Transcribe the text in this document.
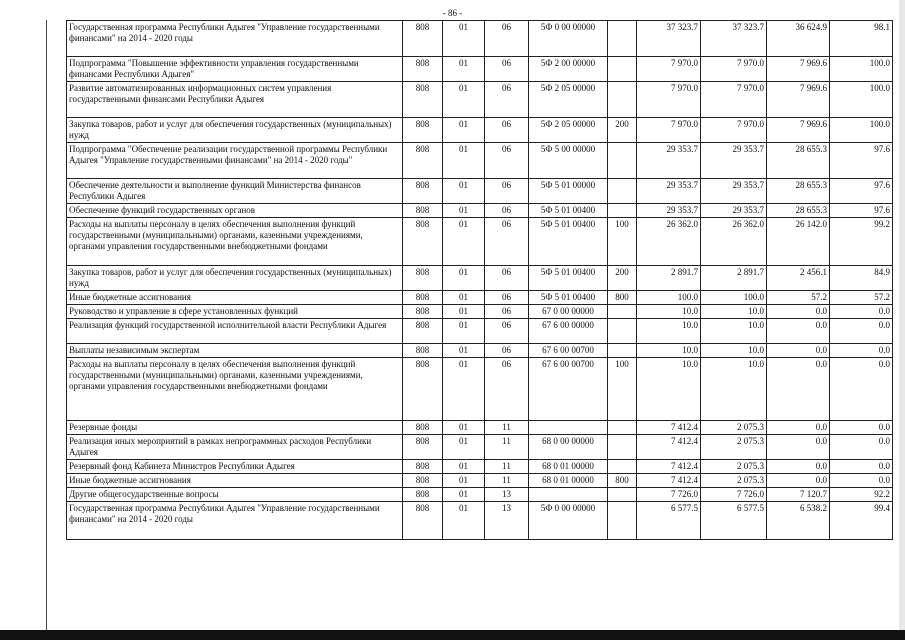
- 86 -
Государственная программа Республики Адыгея "Управление государственными финансами" на 2014 - 2020 годы	808	01	06	5Ф 0 00 00000		37 323.7	37 323.7	36 624.9	98.1
Подпрограмма "Повышение эффективности управления государственными финансами Республики Адыгея"	808	01	06	5Ф 2 00 00000		7 970.0	7 970.0	7 969.6	100.0
Развитие автоматизированных информационных систем управления государственными финансами Республики Адыгея	808	01	06	5Ф 2 05 00000		7 970.0	7 970.0	7 969.6	100.0
Закупка товаров, работ и услуг для обеспечения государственных (муниципальных) нужд	808	01	06	5Ф 2 05 00000	200	7 970.0	7 970.0	7 969.6	100.0
Подпрограмма "Обеспечение реализации государственной программы Республики Адыгея "Управление государственными финансами" на 2014 - 2020 годы"	808	01	06	5Ф 5 00 00000		29 353.7	29 353.7	28 655.3	97.6
Обеспечение деятельности и выполнение функций Министерства финансов Республики Адыгея	808	01	06	5Ф 5 01 00000		29 353.7	29 353.7	28 655.3	97.6
Обеспечение функций государственных органов	808	01	06	5Ф 5 01 00400		29 353.7	29 353.7	28 655.3	97.6
Расходы на выплаты персоналу в целях обеспечения выполнения функций государственными (муниципальными) органами, казенными учреждениями, органами управления государственными внебюджетными фондами	808	01	06	5Ф 5 01 00400	100	26 362.0	26 362.0	26 142.0	99.2
Закупка товаров, работ и услуг для обеспечения государственных (муниципальных) нужд	808	01	06	5Ф 5 01 00400	200	2 891.7	2 891.7	2 456.1	84.9
Иные бюджетные ассигнования	808	01	06	5Ф 5 01 00400	800	100.0	100.0	57.2	57.2
Руководство и управление в сфере установленных функций	808	01	06	67 0 00 00000		10.0	10.0	0.0	0.0
Реализация функций государственной исполнительной власти Республики Адыгея	808	01	06	67 6 00 00000		10.0	10.0	0.0	0.0
Выплаты независимым экспертам	808	01	06	67 6 00 00700		10.0	10.0	0.0	0.0
Расходы на выплаты персоналу в целях обеспечения выполнения функций государственными (муниципальными) органами, казенными учреждениями, органами управления государственными внебюджетными фондами	808	01	06	67 6 00 00700	100	10.0	10.0	0.0	0.0
Резервные фонды	808	01	11			7 412.4	2 075.3	0.0	0.0
Реализация иных мероприятий в рамках непрограммных расходов Республики Адыгея	808	01	11	68 0 00 00000		7 412.4	2 075.3	0.0	0.0
Резервный фонд Кабинета Министров Республики Адыгея	808	01	11	68 0 01 00000		7 412.4	2 075.3	0.0	0.0
Иные бюджетные ассигнования	808	01	11	68 0 01 00000	800	7 412.4	2 075.3	0.0	0.0
Другие общегосударственные вопросы	808	01	13			7 726.0	7 726.0	7 120.7	92.2
Государственная программа Республики Адыгея "Управление государственными финансами" на 2014 - 2020 годы	808	01	13	5Ф 0 00 00000		6 577.5	6 577.5	6 538.2	99.4
